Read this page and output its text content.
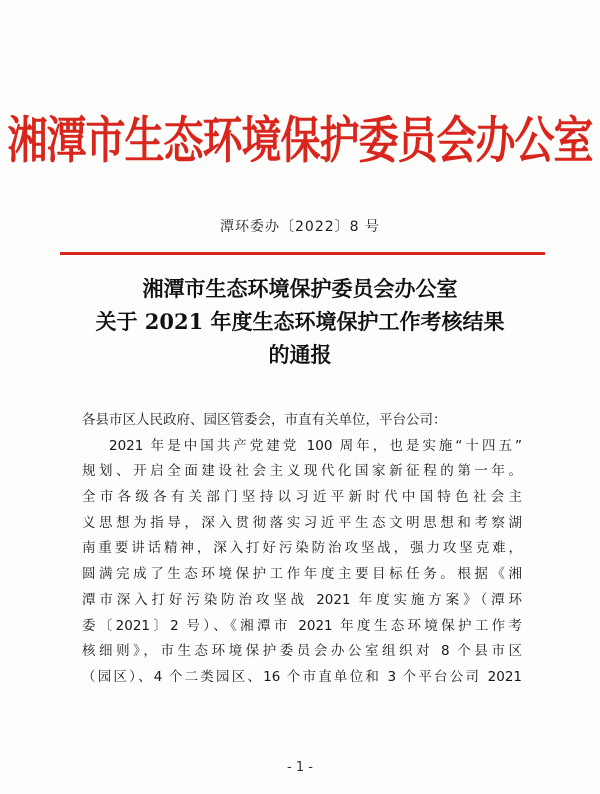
湘潭市生态环境保护委员会办公室
潭环委办〔2022〕8 号
湘潭市生态环境保护委员会办公室
关于 2021 年度生态环境保护工作考核结果
的通报
各县市区人民政府、园区管委会，市直有关单位，平台公司：
2021 年是中国共产党建党 100 周年，也是实施“十四五”
规划、开启全面建设社会主义现代化国家新征程的第一年。
全市各级各有关部门坚持以习近平新时代中国特色社会主
义思想为指导，深入贯彻落实习近平生态文明思想和考察湖
南重要讲话精神，深入打好污染防治攻坚战，强力攻坚克难，
圆满完成了生态环境保护工作年度主要目标任务。根据《湘
潭市深入打好污染防治攻坚战 2021 年度实施方案》（潭环
委〔2021〕2 号）、《湘潭市 2021 年度生态环境保护工作考
核细则》，市生态环境保护委员会办公室组织对 8 个县市区
（园区）、4 个二类园区、16 个市直单位和 3 个平台公司 2021
- 1 -
